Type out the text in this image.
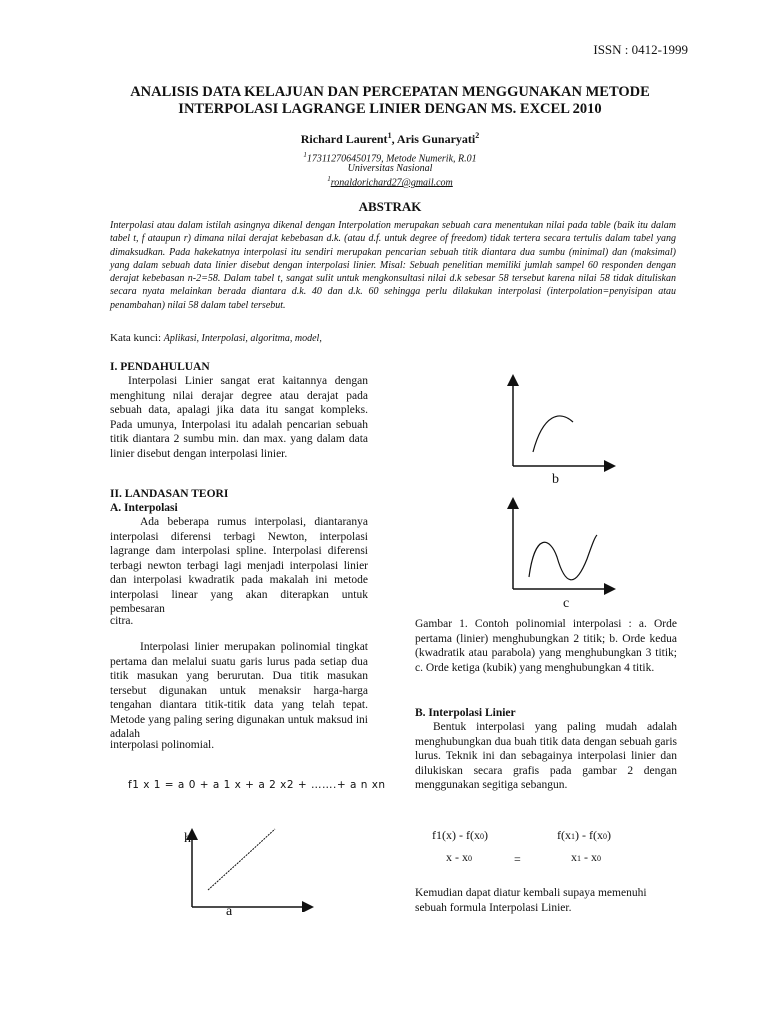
ISSN : 0412-1999
ANALISIS DATA KELAJUAN DAN PERCEPATAN MENGGUNAKAN METODE
INTERPOLASI LAGRANGE LINIER DENGAN MS. EXCEL 2010
Richard Laurent$^1$, Aris Gunaryati$^2$
$^1$173112706450179, Metode Numerik, R.01
Universitas Nasional
$^1$ronaldorichard27@gmail.com
ABSTRAK
Interpolasi atau dalam istilah asingnya dikenal dengan Interpolation merupakan sebuah cara menentukan nilai pada table (baik itu dalam tabel t, f ataupun r) dimana nilai derajat kebebasan d.k. (atau d.f. untuk degree of freedom) tidak tertera secara tertulis dalam tabel yang dimaksudkan. Pada hakekatnya interpolasi itu sendiri merupakan pencarian sebuah titik diantara dua sumbu (minimal) dan (maksimal) yang dalam sebuah data linier disebut dengan interpolasi linier. Misal: Sebuah penelitian memiliki jumlah sampel 60 responden dengan derajat kebebasan n-2=58. Dalam tabel t, sangat sulit untuk mengkonsultasi nilai d.k sebesar 58 tersebut karena nilai 58 tidak dituliskan secara nyata melainkan berada diantara d.k. 40 dan d.k. 60 sehingga perlu dilakukan interpolasi (interpolation=penyisipan atau penambahan) nilai 58 dalam tabel tersebut.
Kata kunci: Aplikasi, Interpolasi, algoritma, model,
I. PENDAHULUAN
Interpolasi Linier sangat erat kaitannya dengan menghitung nilai derajar degree atau derajat pada sebuah data, apalagi jika data itu sangat kompleks. Pada umunya, Interpolasi itu adalah pencarian sebuah titik diantara 2 sumbu min. dan max. yang dalam data linier disebut dengan interpolasi linier.
II. LANDASAN TEORI
A. Interpolasi
Ada beberapa rumus interpolasi, diantaranya interpolasi diferensi terbagi Newton, interpolasi lagrange dam interpolasi spline. Interpolasi diferensi terbagi newton terbagi lagi menjadi interpolasi linier dan interpolasi kwadratik pada makalah ini metode interpolasi linear yang akan diterapkan untuk pembesaran
citra.
Interpolasi linier merupakan polinomial tingkat pertama dan melalui suatu garis lurus pada setiap dua titik masukan yang berurutan. Dua titik masukan tersebut digunakan untuk menaksir harga-harga tengahan diantara titik-titik data yang telah tepat. Metode yang paling sering digunakan untuk maksud ini adalah
interpolasi polinomial.
f1 x 1 = a 0 + a 1 x + a 2 x2 + …….+ a n xn
h
a
b
c
Gambar 1. Contoh polinomial interpolasi : a. Orde pertama (linier) menghubungkan 2 titik; b. Orde kedua (kwadratik atau parabola) yang menghubungkan 3 titik; c. Orde ketiga (kubik) yang menghubungkan 4 titik.
B. Interpolasi Linier
Bentuk interpolasi yang paling mudah adalah menghubungkan dua buah titik data dengan sebuah garis lurus. Teknik ini dan sebagainya interpolasi linier dan dilukiskan secara grafis pada gambar 2 dengan menggunakan segitiga sebangun.
f1(x) - f(x0)
x - x0	=
f(x1) - f(x0)
x1 - x0
Kemudian dapat diatur kembali supaya memenuhi sebuah formula Interpolasi Linier.
